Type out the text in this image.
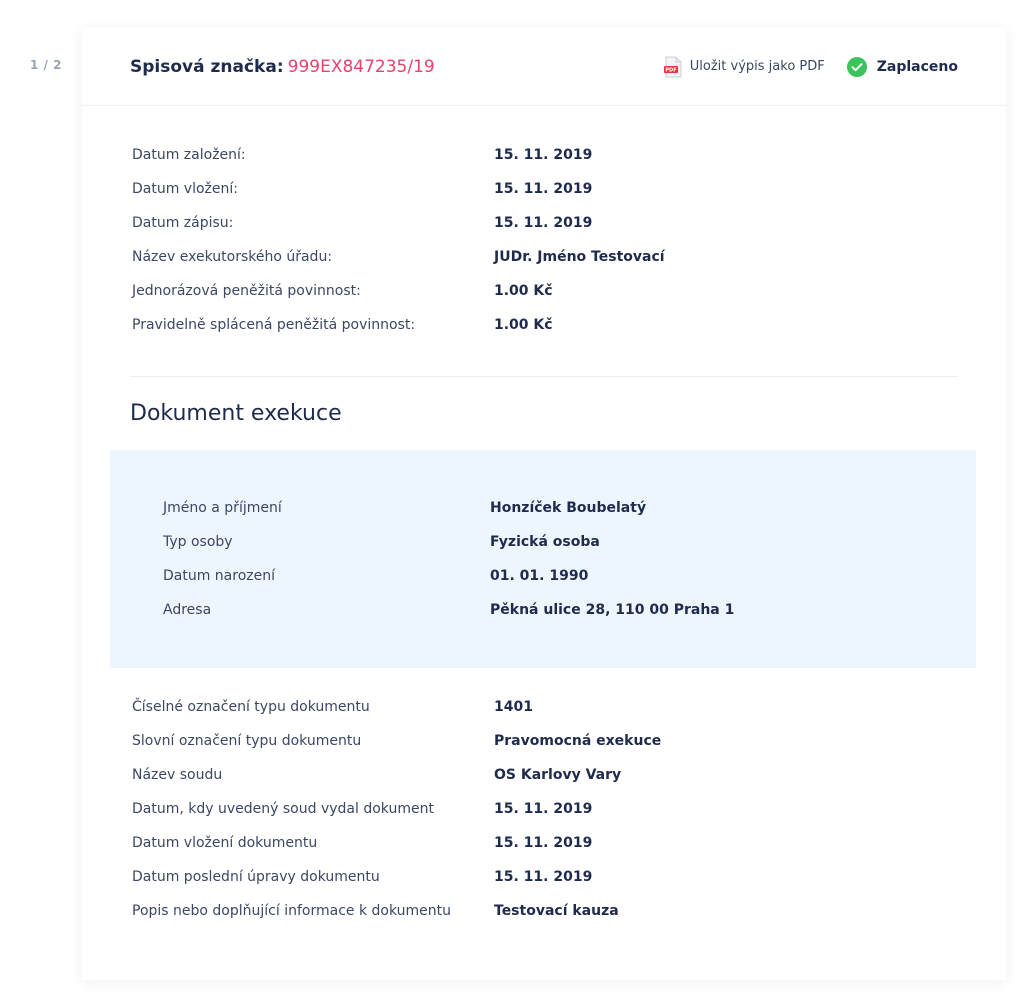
1 / 2	Spisová značka: 999EX847235/19	PDF Uložit výpis jako PDF	Zaplaceno
Datum založení:	15. 11. 2019
Datum vložení:	15. 11. 2019
Datum zápisu:	15. 11. 2019
Název exekutorského úřadu:	JUDr. Jméno Testovací
Jednorázová peněžitá povinnost:	1.00 Kč
Pravidelně splácená peněžitá povinnost:	1.00 Kč
Dokument exekuce
Jméno a příjmení	Honzíček Boubelatý
Typ osoby	Fyzická osoba
Datum narození	01. 01. 1990
Adresa	Pěkná ulice 28, 110 00 Praha 1
Číselné označení typu dokumentu	1401
Slovní označení typu dokumentu	Pravomocná exekuce
Název soudu	OS Karlovy Vary
Datum, kdy uvedený soud vydal dokument	15. 11. 2019
Datum vložení dokumentu	15. 11. 2019
Datum poslední úpravy dokumentu	15. 11. 2019
Popis nebo doplňující informace k dokumentu	Testovací kauza
